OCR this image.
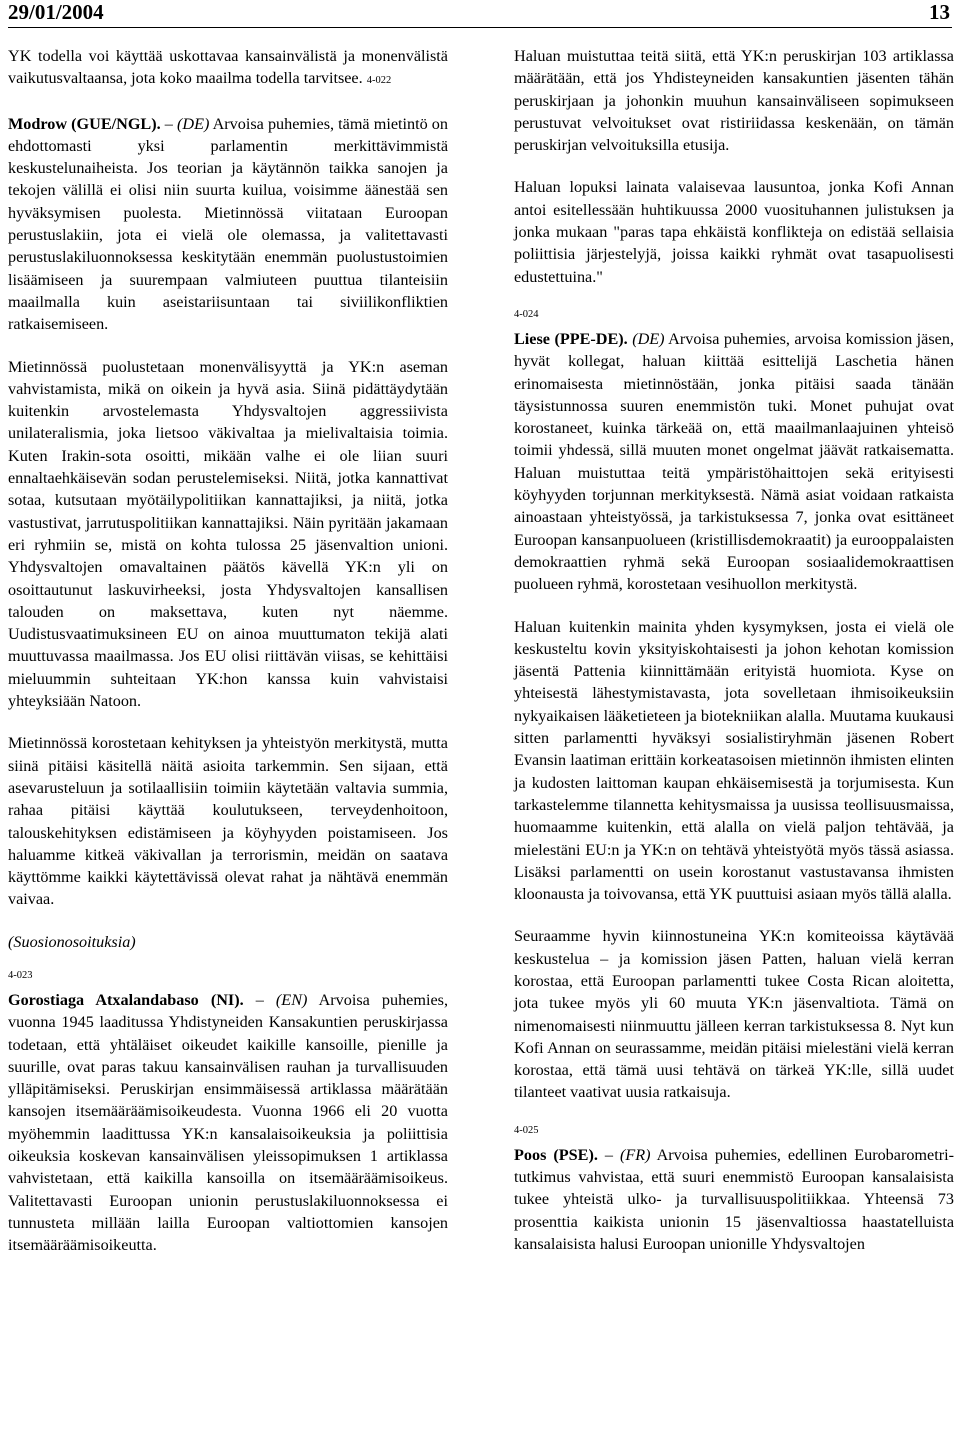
29/01/2004	13

YK todella voi käyttää uskottavaa kansainvälistä ja monenvälistä vaikutusvaltaansa, jota koko maailma todella tarvitsee. 4-022

Modrow (GUE/NGL). – (DE) Arvoisa puhemies, tämä mietintö on ehdottomasti yksi parlamentin merkittävimmistä keskustelunaiheista. Jos teorian ja käytännön taikka sanojen ja tekojen välillä ei olisi niin suurta kuilua, voisimme äänestää sen hyväksymisen puolesta. Mietinnössä viitataan Euroopan perustuslakiin, jota ei vielä ole olemassa, ja valitettavasti perustuslakiluonnoksessa keskitytään enemmän puolustustoimien lisäämiseen ja suurempaan valmiuteen puuttua tilanteisiin maailmalla kuin aseistariisuntaan tai siviilikonfliktien ratkaisemiseen.

Mietinnössä puolustetaan monenvälisyyttä ja YK:n aseman vahvistamista, mikä on oikein ja hyvä asia. Siinä pidättäydytään kuitenkin arvostelemasta Yhdysvaltojen aggressiivista unilateralismia, joka lietsoo väkivaltaa ja mielivaltaisia toimia. Kuten Irakin-sota osoitti, mikään valhe ei ole liian suuri ennaltaehkäisevän sodan perustelemiseksi. Niitä, jotka kannattivat sotaa, kutsutaan myötäilypolitiikan kannattajiksi, ja niitä, jotka vastustivat, jarrutuspolitiikan kannattajiksi. Näin pyritään jakamaan eri ryhmiin se, mistä on kohta tulossa 25 jäsenvaltion unioni. Yhdysvaltojen omavaltainen päätös kävellä YK:n yli on osoittautunut laskuvirheeksi, josta Yhdysvaltojen kansallisen talouden on maksettava, kuten nyt näemme. Uudistusvaatimuksineen EU on ainoa muuttumaton tekijä alati muuttuvassa maailmassa. Jos EU olisi riittävän viisas, se kehittäisi mieluummin suhteitaan YK:hon kanssa kuin vahvistaisi yhteyksiään Natoon.

Mietinnössä korostetaan kehityksen ja yhteistyön merkitystä, mutta siinä pitäisi käsitellä näitä asioita tarkemmin. Sen sijaan, että asevarusteluun ja sotilaallisiin toimiin käytetään valtavia summia, rahaa pitäisi käyttää koulutukseen, terveydenhoitoon, talouskehityksen edistämiseen ja köyhyyden poistamiseen. Jos haluamme kitkeä väkivallan ja terrorismin, meidän on saatava käyttömme kaikki käytettävissä olevat rahat ja nähtävä enemmän vaivaa.

(Suosionosoituksia)

4-023
Gorostiaga Atxalandabaso (NI). – (EN) Arvoisa puhemies, vuonna 1945 laaditussa Yhdistyneiden Kansakuntien peruskirjassa todetaan, että yhtäläiset oikeudet kaikille kansoille, pienille ja suurille, ovat paras takuu kansainvälisen rauhan ja turvallisuuden ylläpitämiseksi. Peruskirjan ensimmäisessä artiklassa määrätään kansojen itsemääräämisoikeudesta. Vuonna 1966 eli 20 vuotta myöhemmin laadittussa YK:n kansalaisoikeuksia ja poliittisia oikeuksia koskevan kansainvälisen yleissopimuksen 1 artiklassa vahvistetaan, että kaikilla kansoilla on itsemääräämisoikeus. Valitettavasti Euroopan unionin perustuslakiluonnoksessa ei tunnusteta millään lailla Euroopan valtiottomien kansojen itsemääräämisoikeutta.

Haluan muistuttaa teitä siitä, että YK:n peruskirjan 103 artiklassa määrätään, että jos Yhdisteyneiden kansakuntien jäsenten tähän peruskirjaan ja johonkin muuhun kansainväliseen sopimukseen perustuvat velvoitukset ovat ristiriidassa keskenään, on tämän peruskirjan velvoituksilla etusija.

Haluan lopuksi lainata valaisevaa lausuntoa, jonka Kofi Annan antoi esitellessään huhtikuussa 2000 vuosituhannen julistuksen ja jonka mukaan "paras tapa ehkäistä konflikteja on edistää sellaisia poliittisia järjestelyjä, joissa kaikki ryhmät ovat tasapuolisesti edustettuina."

4-024
Liese (PPE-DE). (DE) Arvoisa puhemies, arvoisa komission jäsen, hyvät kollegat, haluan kiittää esittelijä Laschetia hänen erinomaisesta mietinnöstään, jonka pitäisi saada tänään täysistunnossa suuren enemmistön tuki. Monet puhujat ovat korostaneet, kuinka tärkeää on, että maailmanlaajuinen yhteisö toimii yhdessä, sillä muuten monet ongelmat jäävät ratkaisematta. Haluan muistuttaa teitä ympäristöhaittojen sekä erityisesti köyhyyden torjunnan merkityksestä. Nämä asiat voidaan ratkaista ainoastaan yhteistyössä, ja tarkistuksessa 7, jonka ovat esittäneet Euroopan kansanpuolueen (kristillisdemokraatit) ja eurooppalaisten demokraattien ryhmä sekä Euroopan sosiaalidemokraattisen puolueen ryhmä, korostetaan vesihuollon merkitystä.

Haluan kuitenkin mainita yhden kysymyksen, josta ei vielä ole keskusteltu kovin yksityiskohtaisesti ja johon kehotan komission jäsentä Pattenia kiinnittämään erityistä huomiota. Kyse on yhteisestä lähestymistavasta, jota sovelletaan ihmisoikeuksiin nykyaikaisen lääketieteen ja biotekniikan alalla. Muutama kuukausi sitten parlamentti hyväksyi sosialistiryhmän jäsenen Robert Evansin laatiman erittäin korkeatasoisen mietinnön ihmisten elinten ja kudosten laittoman kaupan ehkäisemisestä ja torjumisesta. Kun tarkastelemme tilannetta kehitysmaissa ja uusissa teollisuusmaissa, huomaamme kuitenkin, että alalla on vielä paljon tehtävää, ja mielestäni EU:n ja YK:n on tehtävä yhteistyötä myös tässä asiassa. Lisäksi parlamentti on usein korostanut vastustavansa ihmisten kloonausta ja toivovansa, että YK puuttuisi asiaan myös tällä alalla.

Seuraamme hyvin kiinnostuneina YK:n komiteoissa käytävää keskustelua – ja komission jäsen Patten, haluan vielä kerran korostaa, että Euroopan parlamentti tukee Costa Rican aloitetta, jota tukee myös yli 60 muuta YK:n jäsenvaltiota. Tämä on nimenomaisesti niinmuuttu jälleen kerran tarkistuksessa 8. Nyt kun Kofi Annan on seurassamme, meidän pitäisi mielestäni vielä kerran korostaa, että tämä uusi tehtävä on tärkeä YK:lle, sillä uudet tilanteet vaativat uusia ratkaisuja.

4-025
Poos (PSE). – (FR) Arvoisa puhemies, edellinen Eurobarometri-tutkimus vahvistaa, että suuri enemmistö Euroopan kansalaisista tukee yhteistä ulko- ja turvallisuuspolitiikkaa. Yhteensä 73 prosenttia kaikista unionin 15 jäsenvaltiossa haastatelluista kansalaisista halusi Euroopan unionille Yhdysvaltojen
